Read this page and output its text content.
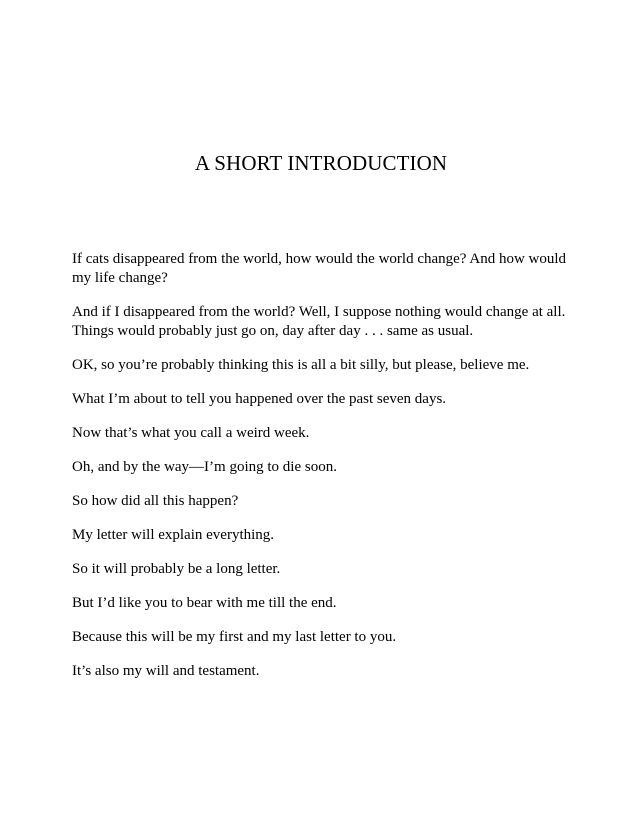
A SHORT INTRODUCTION

If cats disappeared from the world, how would the world change? And how would my life change?

And if I disappeared from the world? Well, I suppose nothing would change at all. Things would probably just go on, day after day . . . same as usual.

OK, so you’re probably thinking this is all a bit silly, but please, believe me.

What I’m about to tell you happened over the past seven days.

Now that’s what you call a weird week.

Oh, and by the way—I’m going to die soon.

So how did all this happen?

My letter will explain everything.

So it will probably be a long letter.

But I’d like you to bear with me till the end.

Because this will be my first and my last letter to you.

It’s also my will and testament.
